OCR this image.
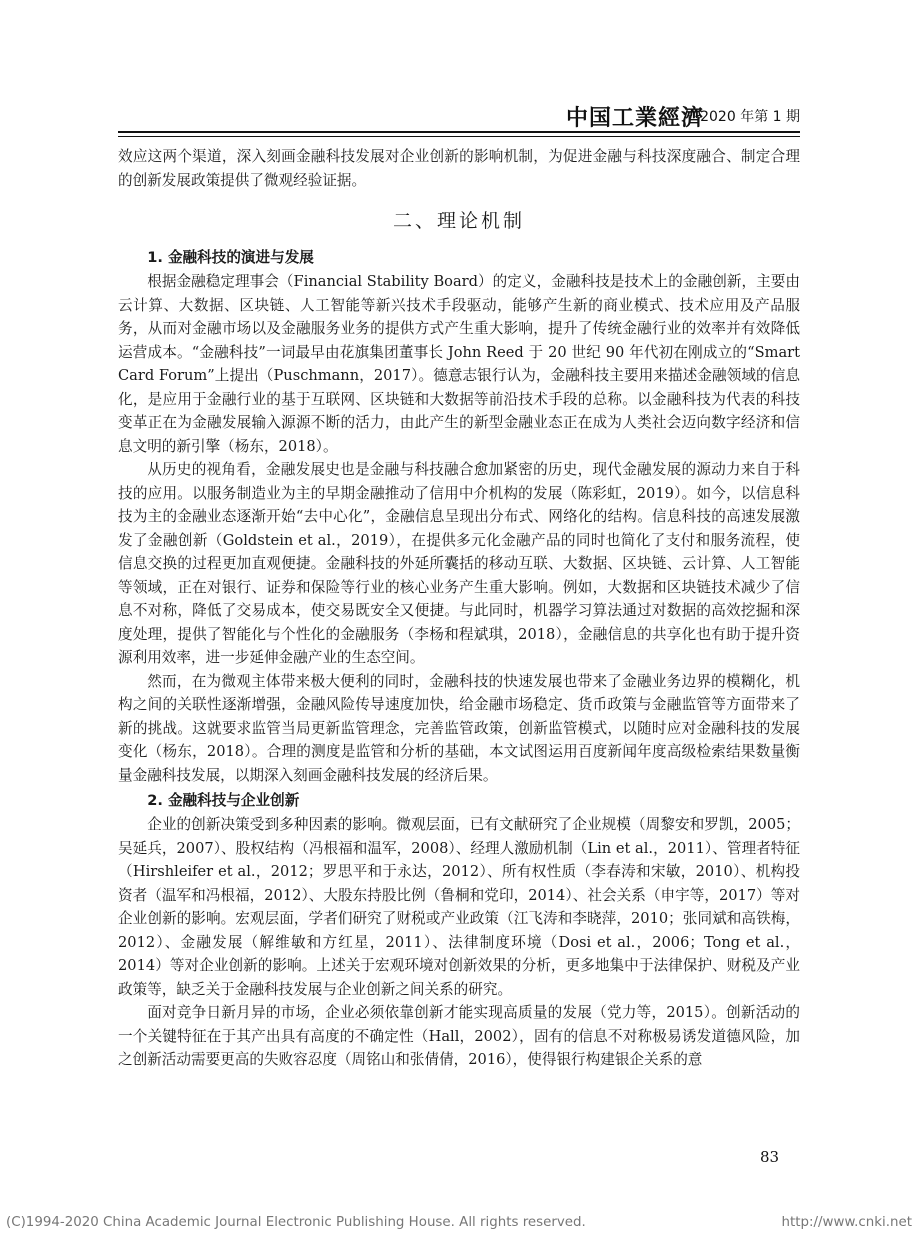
中国工業經濟
2020 年第 1 期

效应这两个渠道，深入刻画金融科技发展对企业创新的影响机制，为促进金融与科技深度融合、制定合理的创新发展政策提供了微观经验证据。

二、理论机制
1. 金融科技的演进与发展

根据金融稳定理事会（Financial Stability Board）的定义，金融科技是技术上的金融创新，主要由云计算、大数据、区块链、人工智能等新兴技术手段驱动，能够产生新的商业模式、技术应用及产品服务，从而对金融市场以及金融服务业务的提供方式产生重大影响，提升了传统金融行业的效率并有效降低运营成本。“金融科技”一词最早由花旗集团董事长 John Reed 于 20 世纪 90 年代初在刚成立的“Smart Card Forum”上提出（Puschmann，2017）。德意志银行认为，金融科技主要用来描述金融领域的信息化，是应用于金融行业的基于互联网、区块链和大数据等前沿技术手段的总称。以金融科技为代表的科技变革正在为金融发展输入源源不断的活力，由此产生的新型金融业态正在成为人类社会迈向数字经济和信息文明的新引擎（杨东，2018）。

从历史的视角看，金融发展史也是金融与科技融合愈加紧密的历史，现代金融发展的源动力来自于科技的应用。以服务制造业为主的早期金融推动了信用中介机构的发展（陈彩虹，2019）。如今，以信息科技为主的金融业态逐渐开始“去中心化”，金融信息呈现出分布式、网络化的结构。信息科技的高速发展激发了金融创新（Goldstein et al.，2019），在提供多元化金融产品的同时也简化了支付和服务流程，使信息交换的过程更加直观便捷。金融科技的外延所囊括的移动互联、大数据、区块链、云计算、人工智能等领域，正在对银行、证券和保险等行业的核心业务产生重大影响。例如，大数据和区块链技术减少了信息不对称，降低了交易成本，使交易既安全又便捷。与此同时，机器学习算法通过对数据的高效挖掘和深度处理，提供了智能化与个性化的金融服务（李杨和程斌琪，2018），金融信息的共享化也有助于提升资源利用效率，进一步延伸金融产业的生态空间。

然而，在为微观主体带来极大便利的同时，金融科技的快速发展也带来了金融业务边界的模糊化，机构之间的关联性逐渐增强，金融风险传导速度加快，给金融市场稳定、货币政策与金融监管等方面带来了新的挑战。这就要求监管当局更新监管理念，完善监管政策，创新监管模式，以随时应对金融科技的发展变化（杨东，2018）。合理的测度是监管和分析的基础，本文试图运用百度新闻年度高级检索结果数量衡量金融科技发展，以期深入刻画金融科技发展的经济后果。

2. 金融科技与企业创新

企业的创新决策受到多种因素的影响。微观层面，已有文献研究了企业规模（周黎安和罗凯，2005；吴延兵，2007）、股权结构（冯根福和温军，2008）、经理人激励机制（Lin et al.，2011）、管理者特征（Hirshleifer et al.，2012；罗思平和于永达，2012）、所有权性质（李春涛和宋敏，2010）、机构投资者（温军和冯根福，2012）、大股东持股比例（鲁桐和党印，2014）、社会关系（申宇等，2017）等对企业创新的影响。宏观层面，学者们研究了财税或产业政策（江飞涛和李晓萍，2010；张同斌和高铁梅，2012）、金融发展（解维敏和方红星，2011）、法律制度环境（Dosi et al.，2006；Tong et al.，2014）等对企业创新的影响。上述关于宏观环境对创新效果的分析，更多地集中于法律保护、财税及产业政策等，缺乏关于金融科技发展与企业创新之间关系的研究。

面对竞争日新月异的市场，企业必须依靠创新才能实现高质量的发展（党力等，2015）。创新活动的一个关键特征在于其产出具有高度的不确定性（Hall，2002），固有的信息不对称极易诱发道德风险，加之创新活动需要更高的失败容忍度（周铭山和张倩倩，2016），使得银行构建银企关系的意

83
(C)1994-2020 China Academic Journal Electronic Publishing House. All rights reserved.	http://www.cnki.net
